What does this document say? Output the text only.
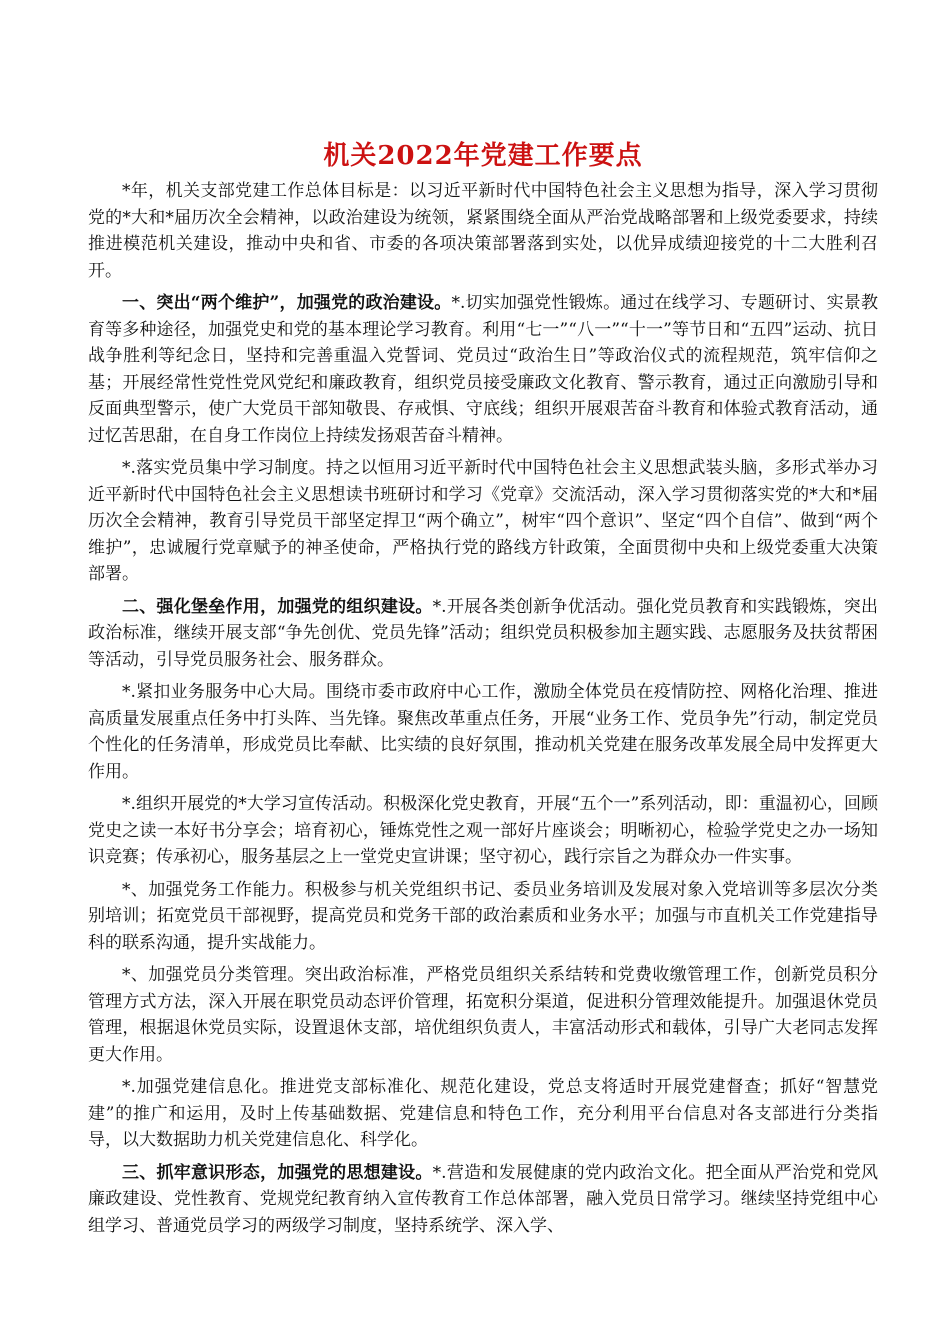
机关2022年党建工作要点

*年，机关支部党建工作总体目标是：以习近平新时代中国特色社会主义思想为指导，深入学习贯彻党的*大和*届历次全会精神，以政治建设为统领，紧紧围绕全面从严治党战略部署和上级党委要求，持续推进模范机关建设，推动中央和省、市委的各项决策部署落到实处，以优异成绩迎接党的十二大胜利召开。

一、突出“两个维护”，加强党的政治建设。*.切实加强党性锻炼。通过在线学习、专题研讨、实景教育等多种途径，加强党史和党的基本理论学习教育。利用“七一”“八一”“十一”等节日和“五四”运动、抗日战争胜利等纪念日，坚持和完善重温入党誓词、党员过“政治生日”等政治仪式的流程规范，筑牢信仰之基；开展经常性党性党风党纪和廉政教育，组织党员接受廉政文化教育、警示教育，通过正向激励引导和反面典型警示，使广大党员干部知敬畏、存戒惧、守底线；组织开展艰苦奋斗教育和体验式教育活动，通过忆苦思甜，在自身工作岗位上持续发扬艰苦奋斗精神。

*.落实党员集中学习制度。持之以恒用习近平新时代中国特色社会主义思想武装头脑，多形式举办习近平新时代中国特色社会主义思想读书班研讨和学习《党章》交流活动，深入学习贯彻落实党的*大和*届历次全会精神，教育引导党员干部坚定捍卫“两个确立”，树牢“四个意识”、坚定“四个自信”、做到“两个维护”，忠诚履行党章赋予的神圣使命，严格执行党的路线方针政策，全面贯彻中央和上级党委重大决策部署。

二、强化堡垒作用，加强党的组织建设。*.开展各类创新争优活动。强化党员教育和实践锻炼，突出政治标准，继续开展支部“争先创优、党员先锋”活动；组织党员积极参加主题实践、志愿服务及扶贫帮困等活动，引导党员服务社会、服务群众。

*.紧扣业务服务中心大局。围绕市委市政府中心工作，激励全体党员在疫情防控、网格化治理、推进高质量发展重点任务中打头阵、当先锋。聚焦改革重点任务，开展“业务工作、党员争先”行动，制定党员个性化的任务清单，形成党员比奉献、比实绩的良好氛围，推动机关党建在服务改革发展全局中发挥更大作用。

*.组织开展党的*大学习宣传活动。积极深化党史教育，开展“五个一”系列活动，即：重温初心，回顾党史之读一本好书分享会；培育初心，锤炼党性之观一部好片座谈会；明晰初心，检验学党史之办一场知识竞赛；传承初心，服务基层之上一堂党史宣讲课；坚守初心，践行宗旨之为群众办一件实事。

*、加强党务工作能力。积极参与机关党组织书记、委员业务培训及发展对象入党培训等多层次分类别培训；拓宽党员干部视野，提高党员和党务干部的政治素质和业务水平；加强与市直机关工作党建指导科的联系沟通，提升实战能力。

*、加强党员分类管理。突出政治标准，严格党员组织关系结转和党费收缴管理工作，创新党员积分管理方式方法，深入开展在职党员动态评价管理，拓宽积分渠道，促进积分管理效能提升。加强退休党员管理，根据退休党员实际，设置退休支部，培优组织负责人，丰富活动形式和载体，引导广大老同志发挥更大作用。

*.加强党建信息化。推进党支部标准化、规范化建设，党总支将适时开展党建督查；抓好“智慧党建”的推广和运用，及时上传基础数据、党建信息和特色工作，充分利用平台信息对各支部进行分类指导，以大数据助力机关党建信息化、科学化。

三、抓牢意识形态，加强党的思想建设。*.营造和发展健康的党内政治文化。把全面从严治党和党风廉政建设、党性教育、党规党纪教育纳入宣传教育工作总体部署，融入党员日常学习。继续坚持党组中心组学习、普通党员学习的两级学习制度，坚持系统学、深入学、
